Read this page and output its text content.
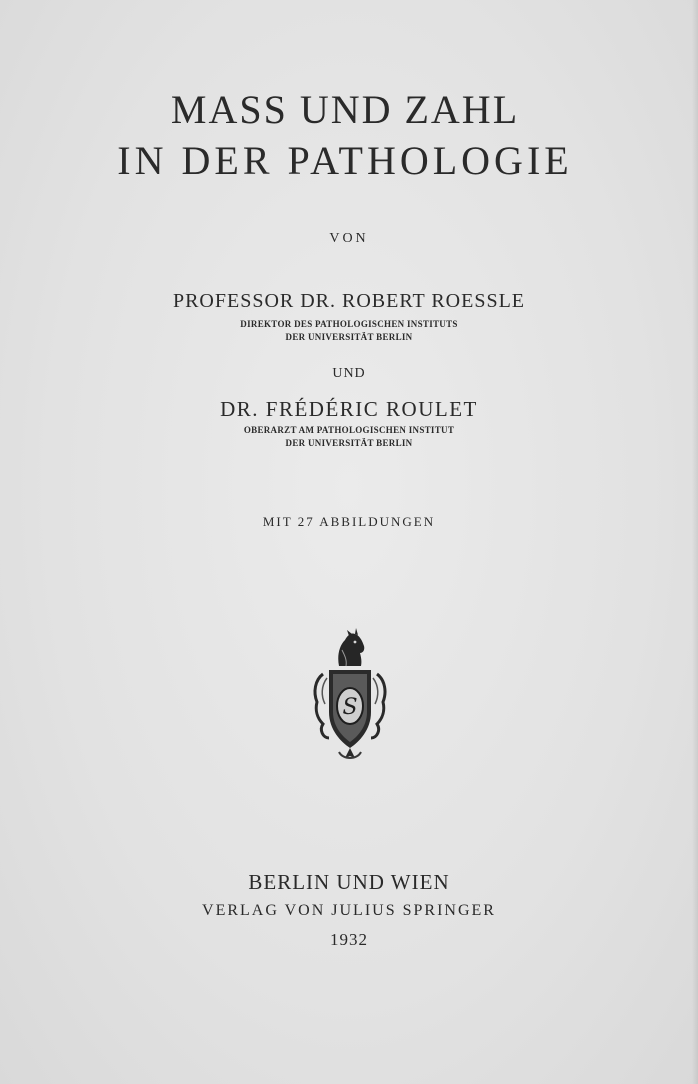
MASS UND ZAHL
IN DER PATHOLOGIE
VON
PROFESSOR DR. ROBERT ROESSLE
DIREKTOR DES PATHOLOGISCHEN INSTITUTS
DER UNIVERSITÄT BERLIN
UND
DR. FRÉDÉRIC ROULET
OBERARZT AM PATHOLOGISCHEN INSTITUT
DER UNIVERSITÄT BERLIN
MIT 27 ABBILDUNGEN
S
BERLIN UND WIEN
VERLAG VON JULIUS SPRINGER
1932
